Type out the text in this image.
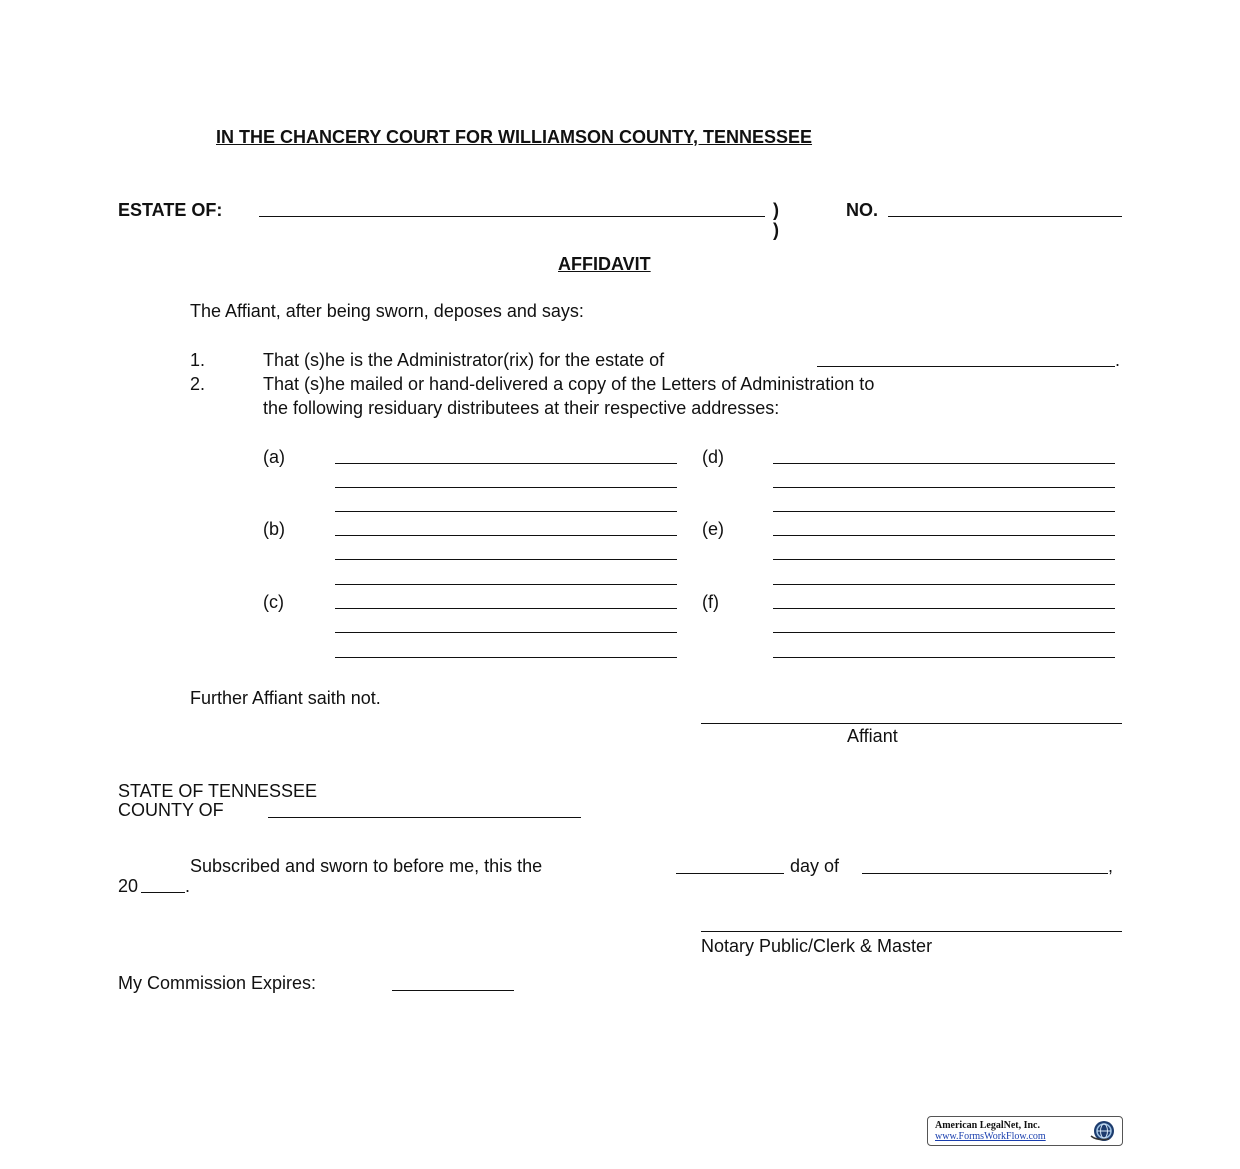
IN THE CHANCERY COURT FOR WILLIAMSON COUNTY, TENNESSEE
ESTATE OF:	)
)
NO.
AFFIDAVIT
The Affiant, after being sworn, deposes and says:
1.	That (s)he is the Administrator(rix) for the estate of	.
2.	That (s)he mailed or hand-delivered a copy of the Letters of Administration to
the following residuary distributees at their respective addresses:
(a)
(b)
(c)
(d)
(e)
(f)
Further Affiant saith not.
Affiant
STATE OF TENNESSEE
COUNTY OF
Subscribed and sworn to before me, this the	day of	,
20	.
Notary Public/Clerk & Master
My Commission Expires:
American LegalNet, Inc.
www.FormsWorkFlow.com
